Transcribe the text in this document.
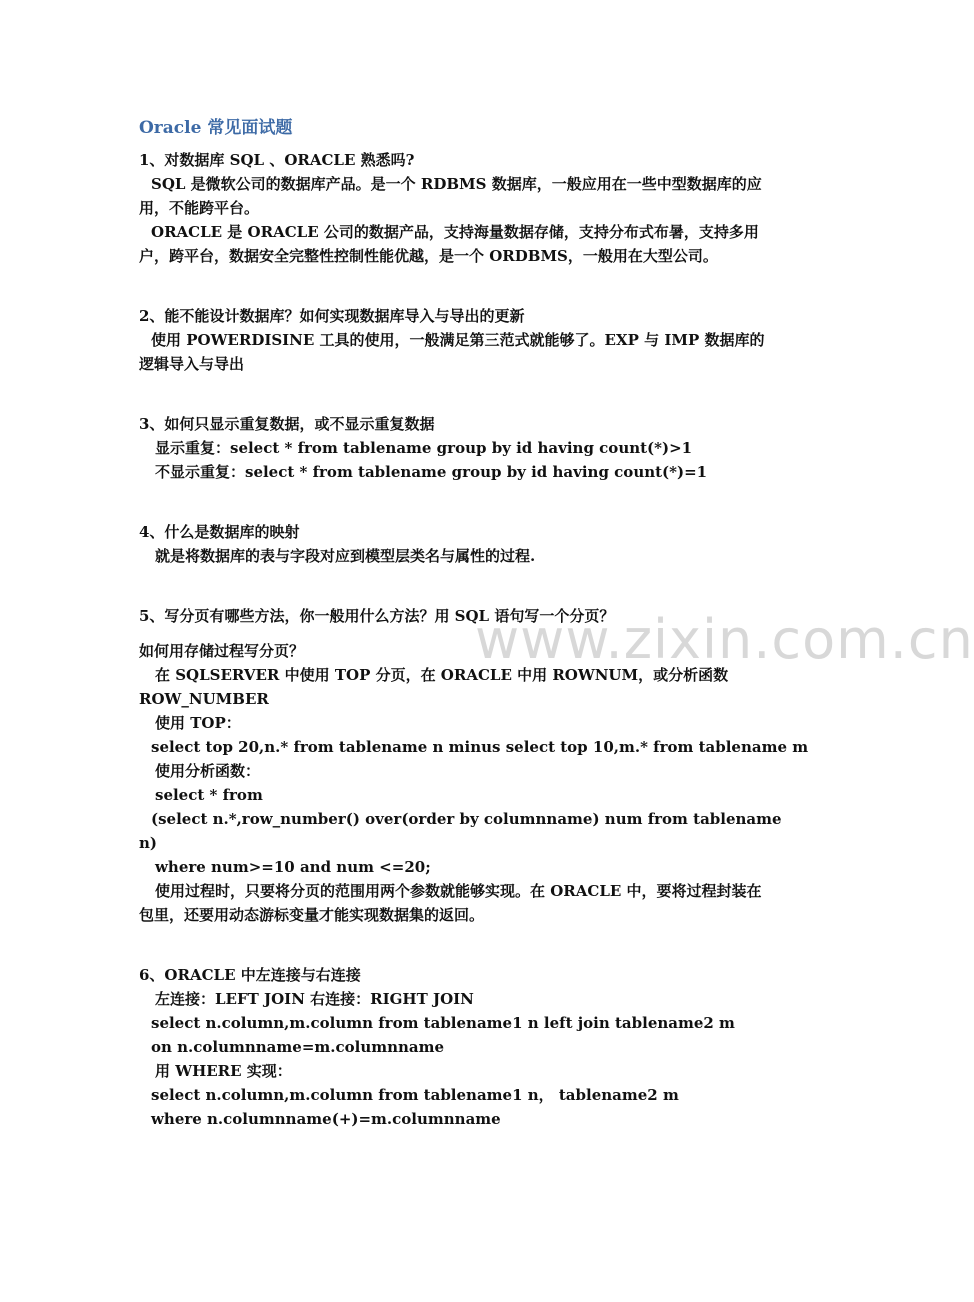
www.zixin.com.cn
Oracle 常见面试题
1、对数据库 SQL 、ORACLE 熟悉吗?
SQL 是微软公司的数据库产品。是一个 RDBMS 数据库，一般应用在一些中型数据库的应
用，不能跨平台。
ORACLE 是 ORACLE 公司的数据产品，支持海量数据存储，支持分布式布暑，支持多用
户，跨平台，数据安全完整性控制性能优越，是一个 ORDBMS，一般用在大型公司。
2、能不能设计数据库？如何实现数据库导入与导出的更新
使用 POWERDISINE 工具的使用，一般满足第三范式就能够了。EXP 与 IMP 数据库的
逻辑导入与导出
3、如何只显示重复数据，或不显示重复数据
显示重复：select * from tablename group by id having count(*)>1
不显示重复：select * from tablename group by id having count(*)=1
4、什么是数据库的映射
就是将数据库的表与字段对应到模型层类名与属性的过程.
5、写分页有哪些方法，你一般用什么方法？用 SQL 语句写一个分页？
如何用存储过程写分页？
在 SQLSERVER 中使用 TOP 分页，在 ORACLE 中用 ROWNUM，或分析函数
ROW_NUMBER
使用 TOP：
select top 20,n.* from tablename n minus select top 10,m.* from tablename m
使用分析函数：
select * from
(select n.*,row_number() over(order by columnname) num from tablename
n)
where num>=10 and num <=20;
使用过程时，只要将分页的范围用两个参数就能够实现。在 ORACLE 中，要将过程封装在
包里，还要用动态游标变量才能实现数据集的返回。
6、ORACLE 中左连接与右连接
左连接：LEFT JOIN 右连接：RIGHT JOIN
select n.column,m.column from tablename1 n left join tablename2 m
on n.columnname=m.columnname
用 WHERE 实现：
select n.column,m.column from tablename1 n， tablename2 m
where n.columnname(+)=m.columnname
